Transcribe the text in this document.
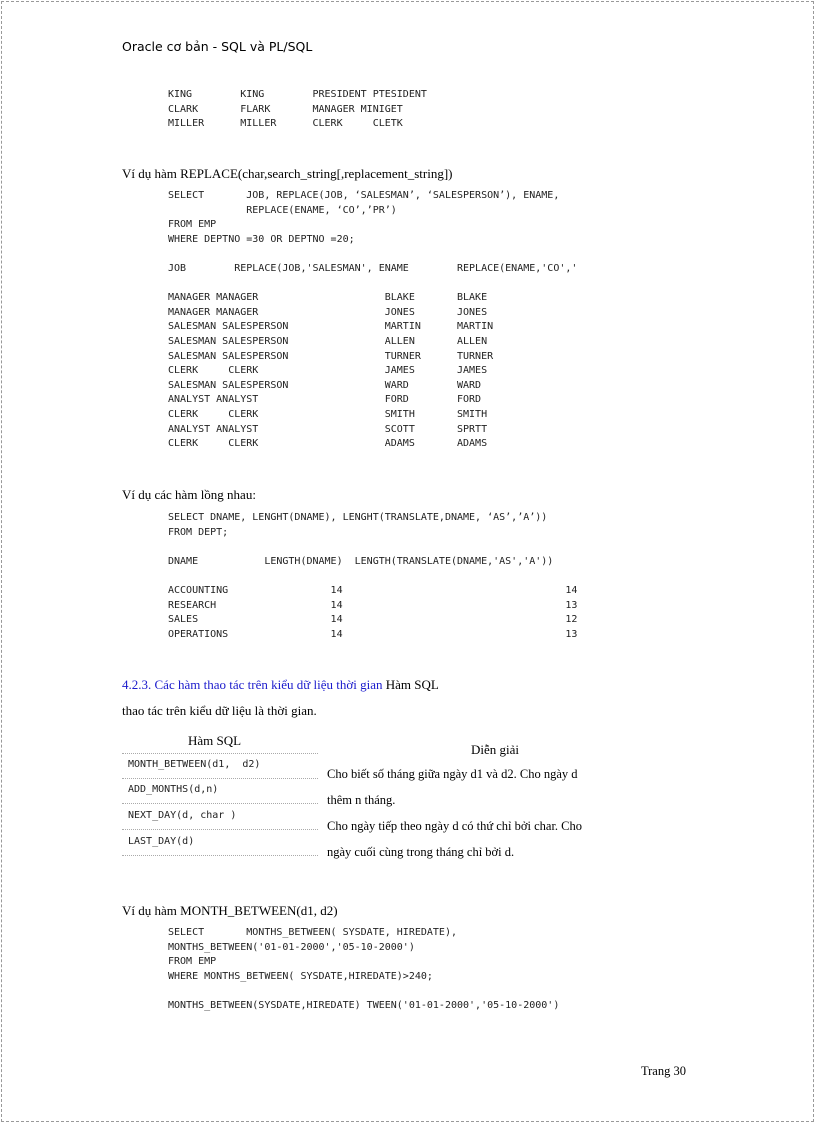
Oracle cơ bản - SQL và PL/SQL
KING        KING        PRESIDENT PTESIDENT
CLARK       FLARK       MANAGER MINIGET
MILLER      MILLER      CLERK     CLETK
Ví dụ hàm REPLACE(char,search_string[,replacement_string])
SELECT       JOB, REPLACE(JOB, ‘SALESMAN’, ‘SALESPERSON’), ENAME,
REPLACE(ENAME, ‘CO’,’PR’)
FROM EMP
WHERE DEPTNO =30 OR DEPTNO =20;

JOB        REPLACE(JOB,'SALESMAN', ENAME        REPLACE(ENAME,'CO','

MANAGER MANAGER                     BLAKE       BLAKE
MANAGER MANAGER                     JONES       JONES
SALESMAN SALESPERSON                MARTIN      MARTIN
SALESMAN SALESPERSON                ALLEN       ALLEN
SALESMAN SALESPERSON                TURNER      TURNER
CLERK     CLERK                     JAMES       JAMES
SALESMAN SALESPERSON                WARD        WARD
ANALYST ANALYST                     FORD        FORD
CLERK     CLERK                     SMITH       SMITH
ANALYST ANALYST                     SCOTT       SPRTT
CLERK     CLERK                     ADAMS       ADAMS
Ví dụ các hàm lồng nhau:
SELECT DNAME, LENGHT(DNAME), LENGHT(TRANSLATE,DNAME, ‘AS’,’A’))
FROM DEPT;

DNAME           LENGTH(DNAME)  LENGTH(TRANSLATE(DNAME,'AS','A'))

ACCOUNTING                 14                                     14
RESEARCH                   14                                     13
SALES                      14                                     12
OPERATIONS                 14                                     13
4.2.3. Các hàm thao tác trên kiểu dữ liệu thời gian Hàm SQL
thao tác trên kiểu dữ liệu là thời gian.
Hàm SQL
Diễn giải
MONTH_BETWEEN(d1,  d2)
ADD_MONTHS(d,n)
NEXT_DAY(d, char )
LAST_DAY(d)
Cho biết số tháng giữa ngày d1 và d2. Cho ngày d
thêm n tháng.
Cho ngày tiếp theo ngày d có thứ chỉ bởi char. Cho
ngày cuối cùng trong tháng chỉ bởi d.
Ví dụ hàm MONTH_BETWEEN(d1, d2)
SELECT       MONTHS_BETWEEN( SYSDATE, HIREDATE),
MONTHS_BETWEEN('01-01-2000','05-10-2000')
FROM EMP
WHERE MONTHS_BETWEEN( SYSDATE,HIREDATE)>240;

MONTHS_BETWEEN(SYSDATE,HIREDATE) TWEEN('01-01-2000','05-10-2000')
Trang 30
